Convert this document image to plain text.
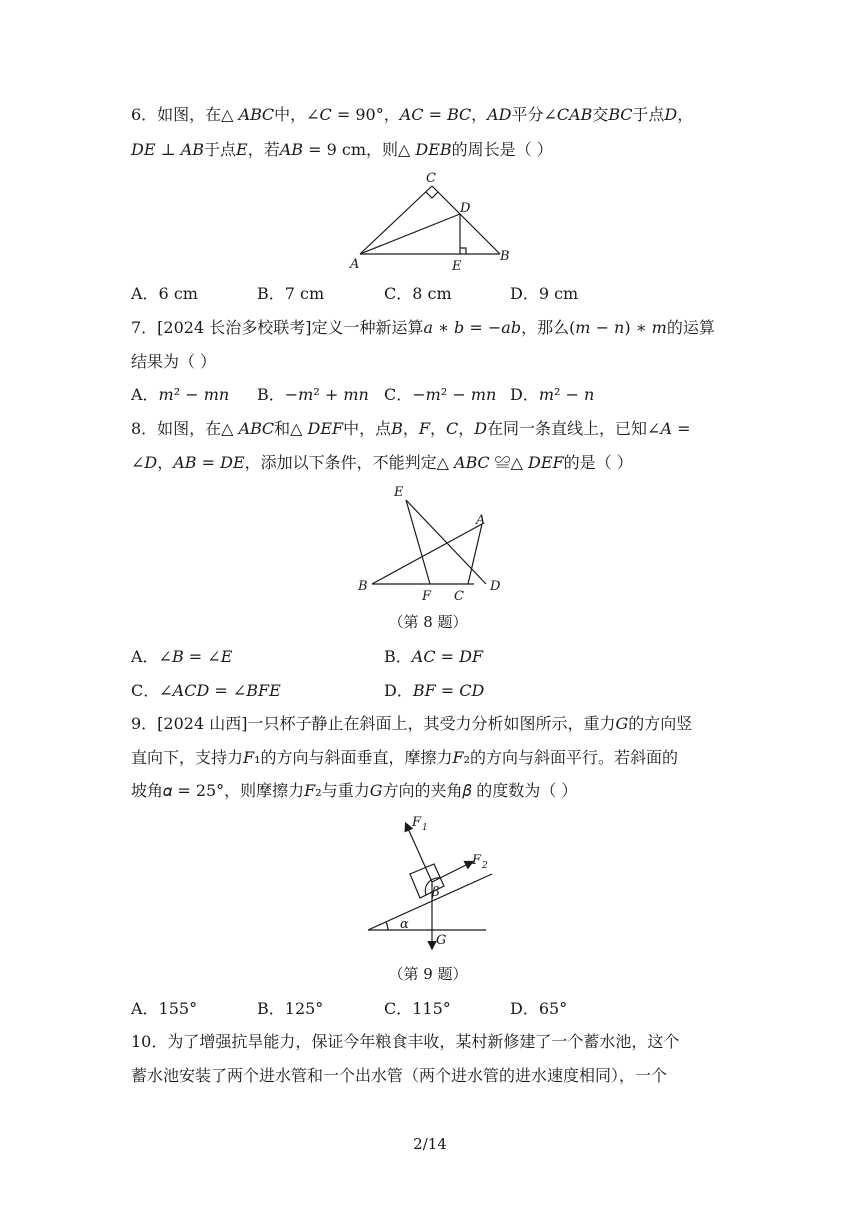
6．如图，在△ 𝐴𝐵𝐶中，∠𝐶 = 90°，𝐴𝐶 = 𝐵𝐶，𝐴𝐷平分∠𝐶𝐴𝐵交𝐵𝐶于点𝐷，
𝐷𝐸 ⊥ 𝐴𝐵于点𝐸，若𝐴𝐵 = 9 cm，则△ 𝐷𝐸𝐵的周长是（ ）
C
D
A	E
B
A．6 cm	B．7 cm	C．8 cm	D．9 cm
7．[2024 长治多校联考]定义一种新运算𝑎 ∗ 𝑏 = −𝑎𝑏，那么(𝑚 − 𝑛) ∗ 𝑚的运算
结果为（ ）
A．𝑚² − 𝑚𝑛 B．−𝑚² + 𝑚𝑛 C．−𝑚² − 𝑚𝑛 D．𝑚² − 𝑛
8．如图，在△ 𝐴𝐵𝐶和△ 𝐷𝐸𝐹中，点𝐵，𝐹，𝐶，𝐷在同一条直线上，已知∠𝐴 =
∠𝐷，𝐴𝐵 = 𝐷𝐸，添加以下条件，不能判定△ 𝐴𝐵𝐶 ≌△ 𝐷𝐸𝐹的是（ ）
E
A
B
F C
D
（第 8 题）
A．∠𝐵 = ∠𝐸	B．𝐴𝐶 = 𝐷𝐹
C．∠𝐴𝐶𝐷 = ∠𝐵𝐹𝐸	D．𝐵𝐹 = 𝐶𝐷
9．[2024 山西]一只杯子静止在斜面上，其受力分析如图所示，重力𝐺的方向竖
直向下，支持力𝐹₁的方向与斜面垂直，摩擦力𝐹₂的方向与斜面平行。若斜面的
坡角𝛼 = 25°，则摩擦力𝐹₂与重力𝐺方向的夹角𝛽 的度数为（ ）
F 1
F 2
β
α
G
（第 9 题）
A．155°	B．125°	C．115°	D．65°
10．为了增强抗旱能力，保证今年粮食丰收，某村新修建了一个蓄水池，这个
蓄水池安装了两个进水管和一个出水管（两个进水管的进水速度相同），一个
2/14
